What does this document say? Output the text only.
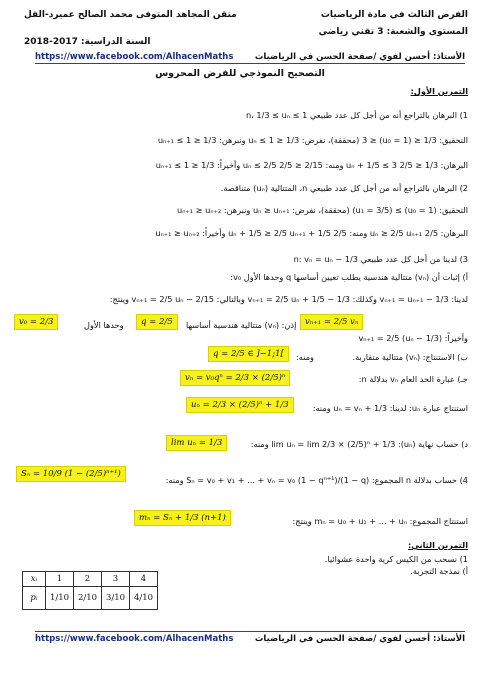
الفرض الثالث في مادة الرياضيات
متقن المجاهد المتوفى محمد الصالح عميرد-القل
المستوى والشعبة: 3 تقني رياضي
السنة الدراسية: 2017-2018
https://www.facebook.com/AlhacenMaths	الأستاذ: أحسن لفوي /صفحة الحسن في الرياضيات
التصحيح النموذجي للفرض المحروس
التمرين الأول:
1) البرهان بالتراجع أنه من أجل كل عدد طبيعي n، 1/3 ≤ uₙ ≤ 1
التحقيق: 1/3 ≤ (u₀ = 1) ≤ 3 (محققة)، نفرض: 1/3 ≤ uₙ ≤ 1 ونبرهن: 1/3 ≤ uₙ₊₁ ≤ 1
البرهان: 1/3 ≤ 2/5 uₙ + 1/5 ≤ 3 ومنه: 2/15 ≤ 2/5 uₙ ≤ 2/5 وأخيراً: 1/3 ≤ uₙ₊₁ ≤ 1
2) البرهان بالتراجع أنه من أجل كل عدد طبيعي n، المتتالية (uₙ) متناقصة.
التحقيق: (u₀ = 1) ≥ (u₁ = 3/5) (محققة)، نفرض: uₙ ≥ uₙ₊₁ ونبرهن: uₙ₊₁ ≥ uₙ₊₂
البرهان: 2/5 uₙ ≥ 2/5 uₙ₊₁ ومنه: 2/5 uₙ + 1/5 ≥ 2/5 uₙ₊₁ + 1/5 وأخيراً: uₙ₊₁ ≥ uₙ₊₂
3) لدينا من أجل كل عدد طبيعي n: vₙ = uₙ − 1/3
أ) إثبات أن (vₙ) متتالية هندسية يطلب تعيين أساسها q وحدها الأول v₀:
لدينا: vₙ₊₁ = uₙ₊₁ − 1/3 وكذلك: vₙ₊₁ = 2/5 uₙ + 1/5 − 1/3 وبالتالي: vₙ₊₁ = 2/5 uₙ − 2/15 وينتج:
v₀ = 2/3	وحدها الأول	q = 2/5	إذن: (vₙ) متتالية هندسية أساسها	vₙ₊₁ = 2/5 vₙ
وأخيراً: vₙ₊₁ = 2/5 (uₙ − 1/3)
ب) الاستنتاج: (vₙ) متتالية متقاربة.
q = 2/5 ∈ ]−1;1[	ومنه:
جـ) عبارة الحد العام vₙ بدلالة n:
vₙ = v₀qⁿ = 2/3 × (2/5)ⁿ
استنتاج عبارة uₙ: لدينا: uₙ = vₙ + 1/3 ومنه:
uₙ = 2/3 × (2/5)ⁿ + 1/3
د) حساب نهاية (uₙ): lim uₙ = lim 2/3 × (2/5)ⁿ + 1/3 ومنه:
lim uₙ = 1/3
4) حساب بدلالة n المجموع: Sₙ = v₀ + v₁ + ... + vₙ = v₀ (1 − qⁿ⁺¹)/(1 − q) ومنه:
Sₙ = 10/9 (1 − (2/5)ⁿ⁺¹)
استنتاج المجموع: mₙ = u₀ + u₁ + ... + uₙ وينتج:
mₙ = Sₙ + 1/3 (n+1)
التمرين الثاني:
1) نسحب من الكيس كرية واحدة عشوائيا.
أ) نمذجة التجربة.
xᵢ	1	2	3	4
pᵢ	1/10	2/10	3/10	4/10
https://www.facebook.com/AlhacenMaths	الأستاذ: أحسن لفوي /صفحة الحسن في الرياضيات
